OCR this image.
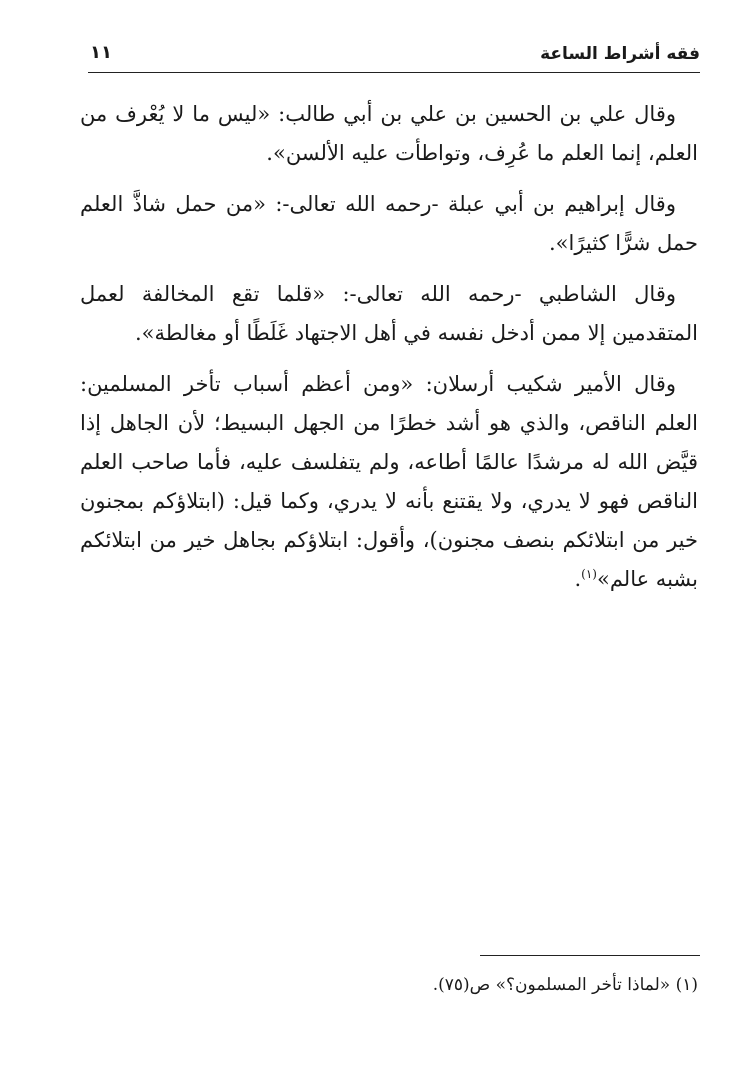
فقه أشراط الساعة
١١

وقال علي بن الحسين بن علي بن أبي طالب: «ليس ما لا يُعْرف من العلم، إنما العلم ما عُرِف، وتواطأت عليه الألسن».

وقال إبراهيم بن أبي عبلة -رحمه الله تعالى-: «من حمل شاذَّ العلم حمل شرًّا كثيرًا».

وقال الشاطبي -رحمه الله تعالى-: «قلما تقع المخالفة لعمل المتقدمين إلا ممن أدخل نفسه في أهل الاجتهاد غَلَطًا أو مغالطة».

وقال الأمير شكيب أرسلان: «ومن أعظم أسباب تأخر المسلمين: العلم الناقص، والذي هو أشد خطرًا من الجهل البسيط؛ لأن الجاهل إذا قيَّض الله له مرشدًا عالمًا أطاعه، ولم يتفلسف عليه، فأما صاحب العلم الناقص فهو لا يدري، ولا يقتنع بأنه لا يدري، وكما قيل: (ابتلاؤكم بمجنون خير من ابتلائكم بنصف مجنون)، وأقول: ابتلاؤكم بجاهل خير من ابتلائكم بشبه عالم»$^{(١)}$.

(١) «لماذا تأخر المسلمون؟» ص(٧٥).
